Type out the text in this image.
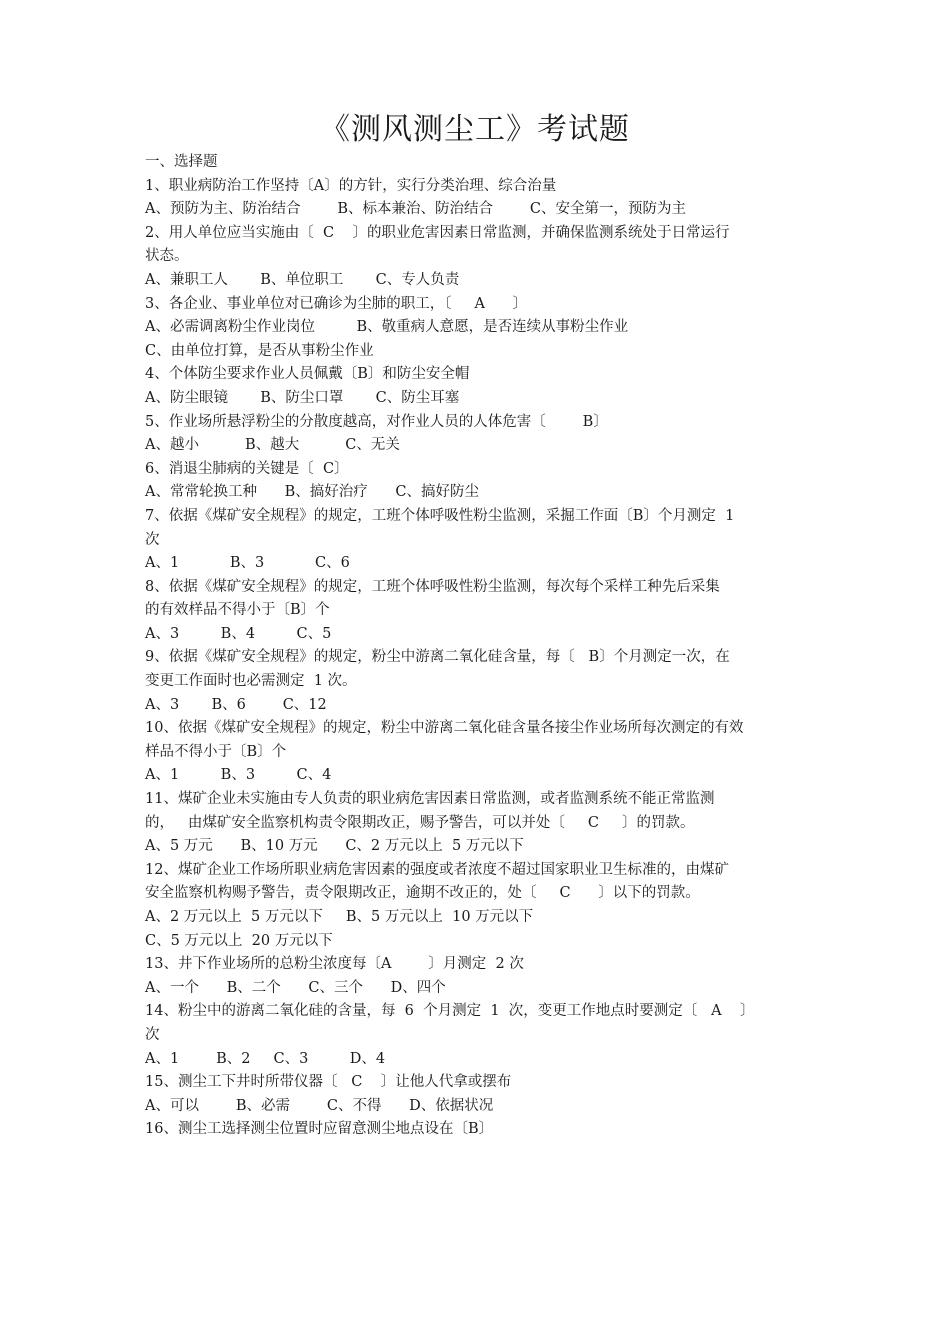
《测风测尘工》考试题
一、选择题
1、职业病防治工作坚持〔A〕的方针，实行分类治理、综合治量
A、预防为主、防治结合        B、标本兼治、防治结合        C、安全第一，预防为主
2、用人单位应当实施由〔  C    〕的职业危害因素日常监测，并确保监测系统处于日常运行
状态。
A、兼职工人       B、单位职工       C、专人负责
3、各企业、事业单位对已确诊为尘肺的职工，〔     A      〕
A、必需调离粉尘作业岗位         B、敬重病人意愿，是否连续从事粉尘作业
C、由单位打算，是否从事粉尘作业
4、个体防尘要求作业人员佩戴〔B〕和防尘安全帽
A、防尘眼镜       B、防尘口罩       C、防尘耳塞
5、作业场所悬浮粉尘的分散度越高，对作业人员的人体危害〔        B〕
A、越小          B、越大          C、无关
6、消退尘肺病的关键是〔  C〕
A、常常轮换工种      B、搞好治疗      C、搞好防尘
7、依据《煤矿安全规程》的规定，工班个体呼吸性粉尘监测，采掘工作面〔B〕个月测定  1
次
A、1           B、3           C、6
8、依据《煤矿安全规程》的规定，工班个体呼吸性粉尘监测，每次每个采样工种先后采集
的有效样品不得小于〔B〕个
A、3         B、4         C、5
9、依据《煤矿安全规程》的规定，粉尘中游离二氧化硅含量，每〔   B〕个月测定一次，在
变更工作面时也必需测定  1 次。
A、3       B、6        C、12
10、依据《煤矿安全规程》的规定，粉尘中游离二氧化硅含量各接尘作业场所每次测定的有效
样品不得小于〔B〕个
A、1         B、3         C、4
11、煤矿企业未实施由专人负责的职业病危害因素日常监测，或者监测系统不能正常监测
的，   由煤矿安全监察机构责令限期改正，赐予警告，可以并处〔     C     〕的罚款。
A、5 万元      B、10 万元      C、2 万元以上  5 万元以下
12、煤矿企业工作场所职业病危害因素的强度或者浓度不超过国家职业卫生标准的，由煤矿
安全监察机构赐予警告，责令限期改正，逾期不改正的，处〔     C      〕以下的罚款。
A、2 万元以上  5 万元以下     B、5 万元以上  10 万元以下
C、5 万元以上  20 万元以下
13、井下作业场所的总粉尘浓度每〔A        〕月测定  2 次
A、一个      B、二个      C、三个      D、四个
14、粉尘中的游离二氧化硅的含量，每  6  个月测定  1  次，变更工作地点时要测定〔   A    〕
次
A、1        B、2     C、3         D、4
15、测尘工下井时所带仪器〔   C    〕让他人代拿或摆布
A、可以        B、必需        C、不得      D、依据状况
16、测尘工选择测尘位置时应留意测尘地点设在〔B〕
